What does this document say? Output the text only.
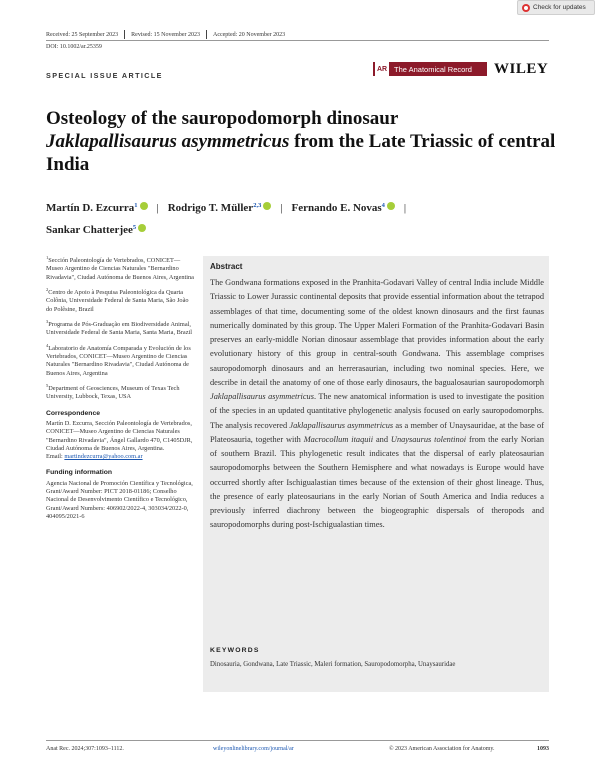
Check for updates
Received: 25 September 2023 Revised: 15 November 2023 Accepted: 20 November 2023
DOI: 10.1002/ar.25359
SPECIAL ISSUE ARTICLE
AR The Anatomical Record WILEY
Osteology of the sauropodomorph dinosaur
Jaklapallisaurus asymmetricus from the Late Triassic of central India
Martín D. Ezcurra$^1$ | Rodrigo T. Müller$^{2,3}$ | Fernando E. Novas$^4$ |
Sankar Chatterjee$^5$
$^1$Sección Paleontología de Vertebrados, CONICET—Museo Argentino de Ciencias Naturales "Bernardino Rivadavia", Ciudad Autónoma de Buenos Aires, Argentina
$^2$Centro de Apoio à Pesquisa Paleontológica da Quarta Colônia, Universidade Federal de Santa Maria, São João do Polêsine, Brazil
$^3$Programa de Pós-Graduação em Biodiversidade Animal, Universidade Federal de Santa Maria, Santa Maria, Brazil
$^4$Laboratorio de Anatomía Comparada y Evolución de los Vertebrados, CONICET—Museo Argentino de Ciencias Naturales "Bernardino Rivadavia", Ciudad Autónoma de Buenos Aires, Argentina
$^5$Department of Geosciences, Museum of Texas Tech University, Lubbock, Texas, USA
Correspondence
Martín D. Ezcurra, Sección Paleontología de Vertebrados, CONICET—Museo Argentino de Ciencias Naturales "Bernardino Rivadavia", Ángel Gallardo 470, C1405DJR, Ciudad Autónoma de Buenos Aires, Argentina.
Email: martindezcurra@yahoo.com.ar
Funding information
Agencia Nacional de Promoción Científica y Tecnológica, Grant/Award Number: PICT 2018-01186; Conselho Nacional de Desenvolvimento Científico e Tecnológico, Grant/Award Numbers: 406902/2022-4, 303034/2022-0, 404095/2021-6
Abstract
The Gondwana formations exposed in the Pranhita-Godavari Valley of central India include Middle Triassic to Lower Jurassic continental deposits that provide essential information about the tetrapod assemblages of that time, documenting some of the oldest known dinosaurs and the first faunas numerically dominated by this group. The Upper Maleri Formation of the Pranhita-Godavari Basin preserves an early-middle Norian dinosaur assemblage that provides information about the early evolutionary history of this group in central-south Gondwana. This assemblage comprises sauropodomorph dinosaurs and an herrerasaurian, including two nominal species. Here, we describe in detail the anatomy of one of those early dinosaurs, the bagualosaurian sauropodomorph Jaklapallisaurus asymmetricus. The new anatomical information is used to investigate the position of the species in an updated quantitative phylogenetic analysis focused on early sauropodomorphs. The analysis recovered Jaklapallisaurus asymmetricus as a member of Unaysauridae, at the base of Plateosauria, together with Macrocollum itaquii and Unaysaurus tolentinoi from the early Norian of southern Brazil. This phylogenetic result indicates that the dispersal of early plateosaurian sauropodomorphs between the Southern Hemisphere and what nowadays is Europe would have occurred shortly after Ischigualastian times because of the extension of their ghost lineage. Thus, the presence of early plateosaurians in the early Norian of South America and India reduces a previously inferred diachrony between the biogeographic dispersals of theropods and sauropodomorphs during post-Ischigualastian times.
KEYWORDS
Dinosauria, Gondwana, Late Triassic, Maleri formation, Sauropodomorpha, Unaysauridae
Anat Rec. 2024;307:1093–1112.	wileyonlinelibrary.com/journal/ar	© 2023 American Association for Anatomy.	1093
